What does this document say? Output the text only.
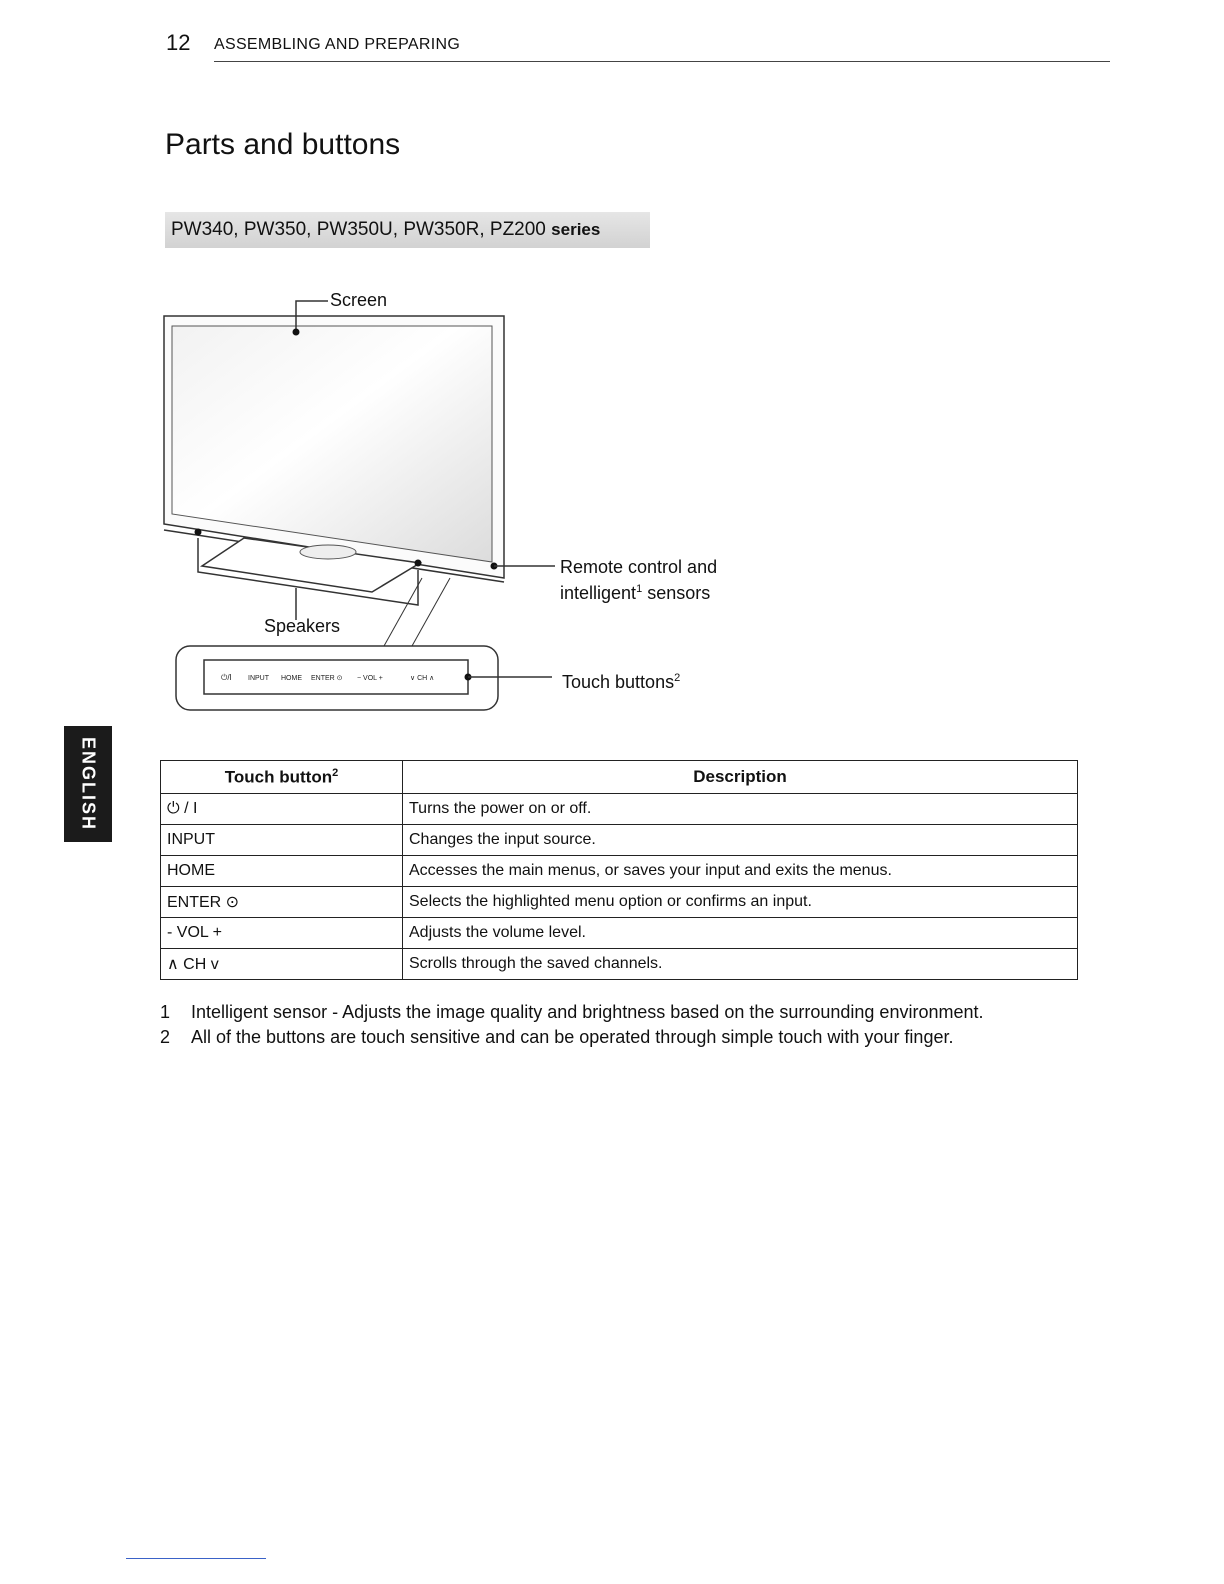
12 ASSEMBLING AND PREPARING
Parts and buttons
PW340, PW350, PW350U, PW350R, PZ200 series
⏻/I INPUT HOME ENTER ⊙ − VOL +	∨ CH ∧
Screen
Speakers
Remote control and
intelligent$^1$ sensors
Touch buttons$^2$
ENGLISH	Touch button$^2$	Description
⏻ / I	Turns the power on or off.
INPUT	Changes the input source.
HOME	Accesses the main menus, or saves your input and exits the menus.
ENTER ⊙	Selects the highlighted menu option or confirms an input.
- VOL +	Adjusts the volume level.
∧ CH v	Scrolls through the saved channels.
1	Intelligent sensor - Adjusts the image quality and brightness based on the surrounding environment.
2	All of the buttons are touch sensitive and can be operated through simple touch with your finger.
